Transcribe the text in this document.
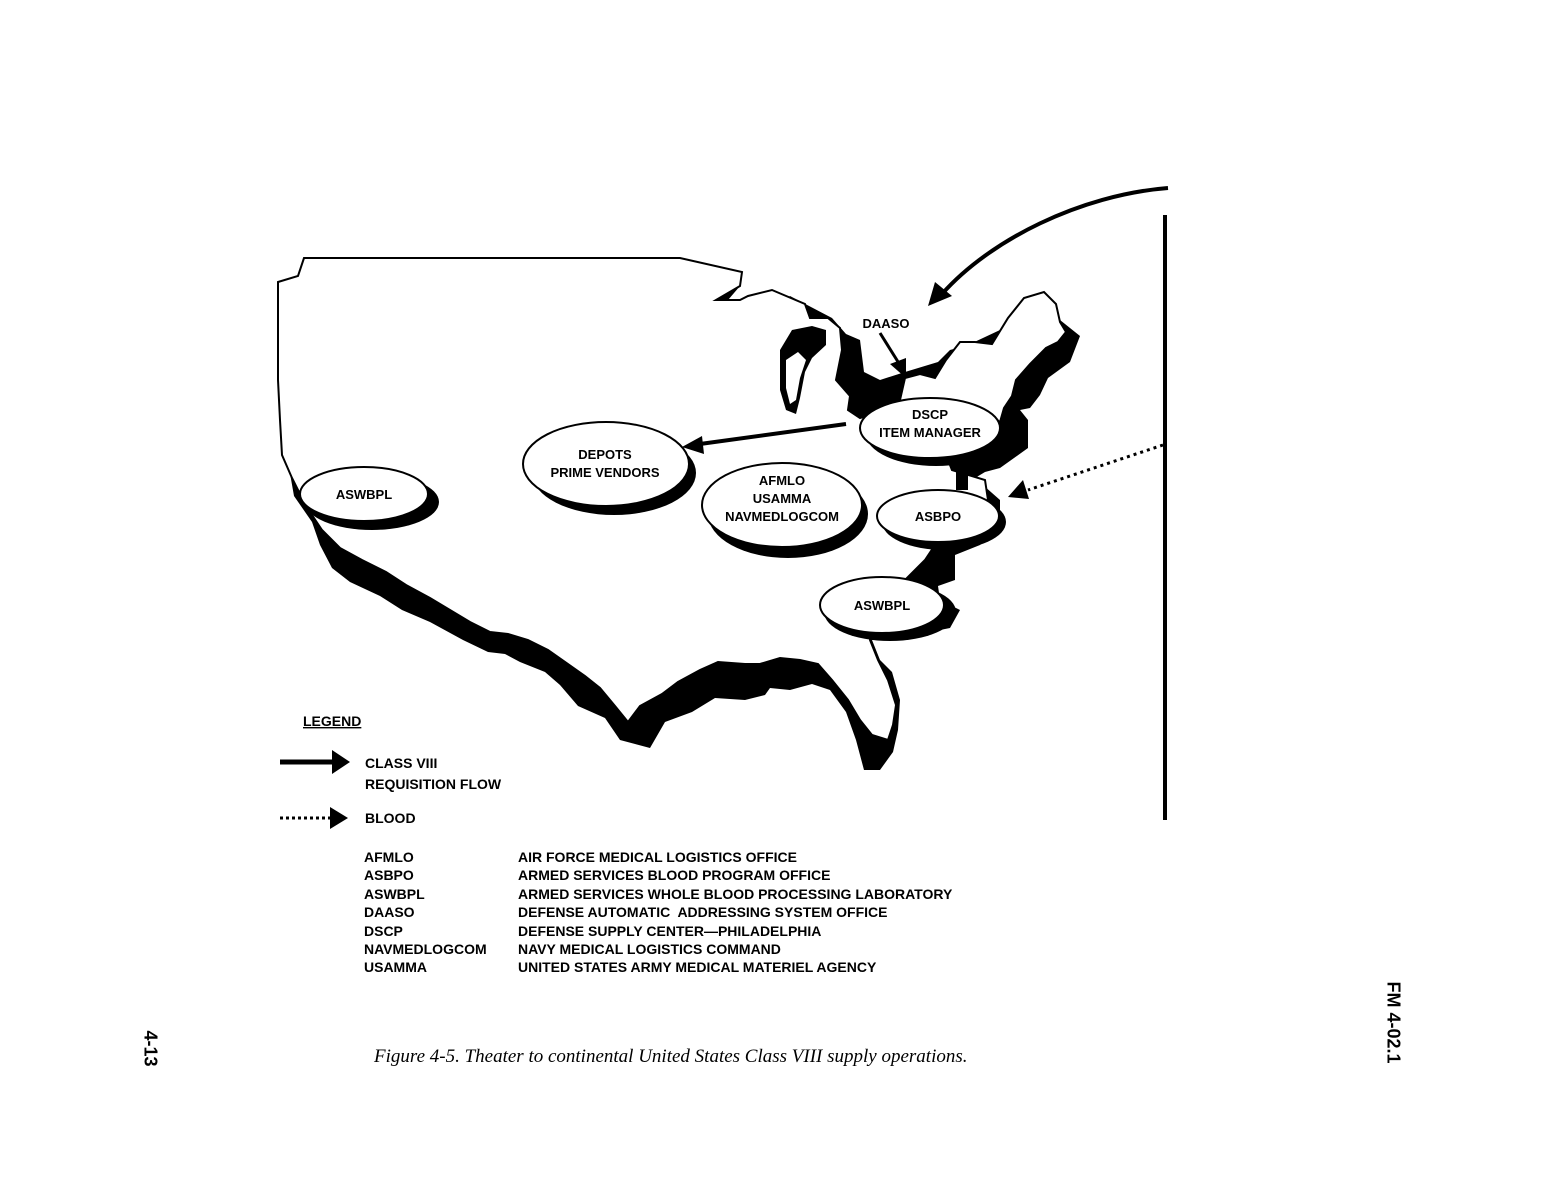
ASWBPL
DEPOTS
PRIME VENDORS
AFMLO
USAMMA
NAVMEDLOGCOM
DSCP
ITEM MANAGER
ASBPO
ASWBPL
DAASO
LEGEND
CLASS VIII
REQUISITION FLOW
BLOOD
AFMLO	AIR FORCE MEDICAL LOGISTICS OFFICE
ASBPO	ARMED SERVICES BLOOD PROGRAM OFFICE
ASWBPL	ARMED SERVICES WHOLE BLOOD PROCESSING LABORATORY
DAASO	DEFENSE AUTOMATIC  ADDRESSING SYSTEM OFFICE
DSCP	DEFENSE SUPPLY CENTER—PHILADELPHIA
NAVMEDLOGCOM NAVY MEDICAL LOGISTICS COMMAND
USAMMA	UNITED STATES ARMY MEDICAL MATERIEL AGENCY
Figure 4-5. Theater to continental United States Class VIII supply operations.
4-13	FM 4-02.1
